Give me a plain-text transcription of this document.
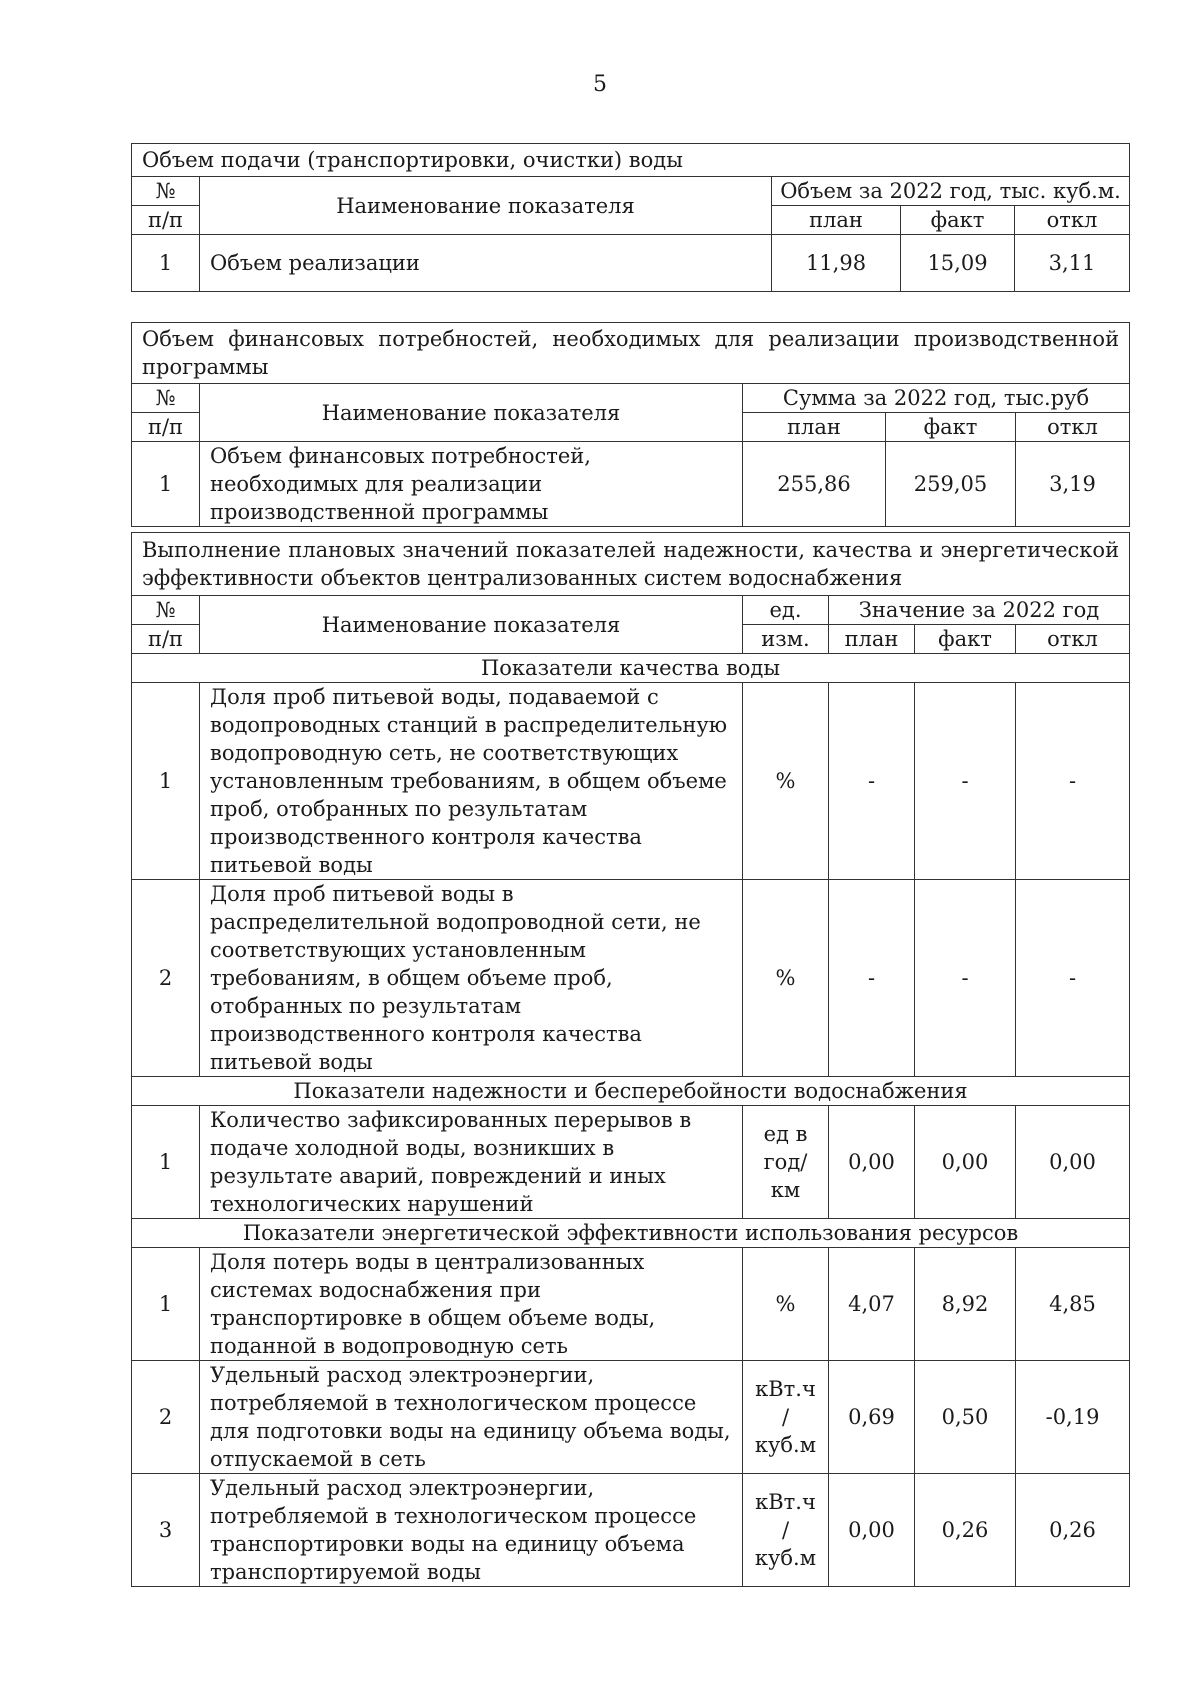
5
Объем подачи (транспортировки, очистки) воды				
№	Наименование показателя	Объем за 2022 год, тыс. куб.м.		
п/п		план	факт	откл
1	Объем реализации	11,98	15,09	3,11
Объем финансовых потребностей, необходимых для реализации производственной программы				
№	Наименование показателя	Сумма за 2022 год, тыс.руб		
п/п		план	факт	откл
1	Объем финансовых потребностей, необходимых для реализации производственной программы	255,86	259,05	3,19
Выполнение плановых значений показателей надежности, качества и энергетической эффективности объектов централизованных систем водоснабжения					
№	Наименование показателя	ед.	Значение за 2022 год		
п/п		изм.	план	факт	откл
Показатели качества воды					
1	Доля проб питьевой воды, подаваемой с водопроводных станций в распределительную водопроводную сеть, не соответствующих установленным требованиям, в общем объеме проб, отобранных по результатам производственного контроля качества питьевой воды	%	-	-	-
2	Доля проб питьевой воды в распределительной водопроводной сети, не соответствующих установленным требованиям, в общем объеме проб, отобранных по результатам производственного контроля качества питьевой воды	%	-	-	-
Показатели надежности и бесперебойности водоснабжения					
1	Количество зафиксированных перерывов в подаче холодной воды, возникших в результате аварий, повреждений и иных технологических нарушений	ед в год/ км	0,00	0,00	0,00
Показатели энергетической эффективности использования ресурсов					
1	Доля потерь воды в централизованных системах водоснабжения при транспортировке в общем объеме воды, поданной в водопроводную сеть	%	4,07	8,92	4,85
2	Удельный расход электроэнергии, потребляемой в технологическом процессе для подготовки воды на единицу объема воды, отпускаемой в сеть	кВт.ч / куб.м	0,69	0,50	-0,19
3	Удельный расход электроэнергии, потребляемой в технологическом процессе транспортировки воды на единицу объема транспортируемой воды	кВт.ч / куб.м	0,00	0,26	0,26
